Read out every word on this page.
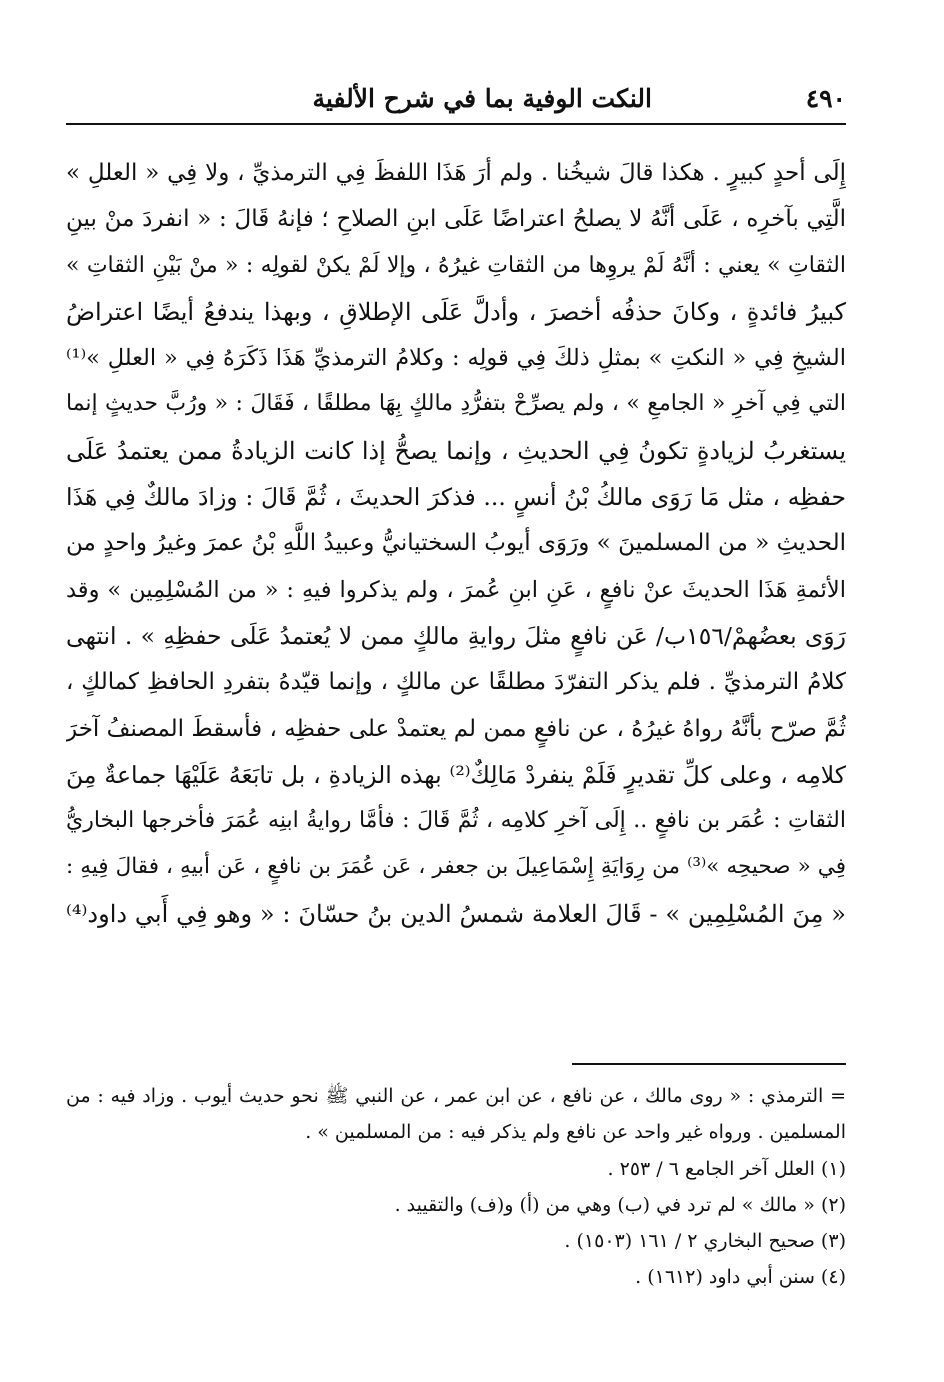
٤٩٠
النكت الوفية بما في شرح الألفية
إِلَى أحدٍ كبيرٍ . هكذا قالَ شيخُنا . ولم أرَ هَذَا اللفظَ فِي الترمذيِّ ، ولا فِي « العللِ »
الَّتِي بآخرِه ، عَلَى أنَّهُ لا يصلحُ اعتراضًا عَلَى ابنِ الصلاحِ ؛ فإنهُ قَالَ : « انفردَ منْ بينِ
الثقاتِ » يعني : أنَّهُ لَمْ يروِها من الثقاتِ غيرُهُ ، وإلا لَمْ يكنْ لقولِه : « منْ بَيْنِ الثقاتِ »
كبيرُ فائدةٍ ، وكانَ حذفُه أخصرَ ، وأدلَّ عَلَى الإطلاقِ ، وبهذا يندفعُ أيضًا اعتراضُ
الشيخِ فِي « النكتِ » بمثلِ ذلكَ فِي قولِه : وكلامُ الترمذيِّ هَذَا ذَكَرَهُ فِي « العللِ »⁽¹⁾
التي فِي آخرِ « الجامعِ » ، ولم يصرِّحْ بتفرُّدِ مالكٍ بِهَا مطلقًا ، فَقَالَ : « ورُبَّ حديثٍ إنما
يستغربُ لزيادةٍ تكونُ فِي الحديثِ ، وإنما يصحُّ إذا كانت الزيادةُ ممن يعتمدُ عَلَى
حفظِه ، مثل مَا رَوَى مالكُ بْنُ أنسٍ ... فذكرَ الحديثَ ، ثُمَّ قَالَ : وزادَ مالكٌ فِي هَذَا
الحديثِ « من المسلمينَ » ورَوَى أيوبُ السختيانيُّ وعبيدُ اللَّهِ بْنُ عمرَ وغيرُ واحدٍ من
الأئمةِ هَذَا الحديثَ عنْ نافعٍ ، عَنِ ابنِ عُمرَ ، ولم يذكروا فيهِ : « من المُسْلِمِين » وقد
رَوَى بعضُهمْ/١٥٦ب/ عَن نافعٍ مثلَ روايةِ مالكٍ ممن لا يُعتمدُ عَلَى حفظِهِ » . انتهى
كلامُ الترمذيِّ . فلم يذكر التفرّدَ مطلقًا عن مالكٍ ، وإنما قيّدهُ بتفردِ الحافظِ كمالكٍ ،
ثُمَّ صرّح بأنَّهُ رواهُ غيرُهُ ، عن نافعٍ ممن لم يعتمدْ على حفظِه ، فأسقطَ المصنفُ آخرَ
كلامِه ، وعلى كلِّ تقديرٍ فَلَمْ ينفردْ مَالِكٌ⁽²⁾ بهذه الزيادةِ ، بل تابَعَهُ عَلَيْهَا جماعةٌ مِنَ
الثقاتِ : عُمَر بن نافعٍ .. إِلَى آخرِ كلامِه ، ثُمَّ قَالَ : فأمَّا روايةُ ابنِه عُمَرَ فأخرجها البخاريُّ
فِي « صحيحِه »⁽³⁾ من رِوَايَةِ إِسْمَاعِيلَ بن جعفر ، عَن عُمَرَ بن نافعٍ ، عَن أبيهِ ، فقالَ فِيهِ :
« مِنَ المُسْلِمِين » - قَالَ العلامة شمسُ الدين بنُ حسّانَ : « وهو فِي أَبي داود⁽⁴⁾
= الترمذي : « روى مالك ، عن نافع ، عن ابن عمر ، عن النبي ﷺ نحو حديث أيوب . وزاد فيه : من
المسلمين . ورواه غير واحد عن نافع ولم يذكر فيه : من المسلمين » .
(١) العلل آخر الجامع ٦ / ٢٥٣ .
(٢) « مالك » لم ترد في (ب) وهي من (أ) و(ف) والتقييد .
(٣) صحيح البخاري ٢ / ١٦١ (١٥٠٣) .
(٤) سنن أبي داود (١٦١٢) .
